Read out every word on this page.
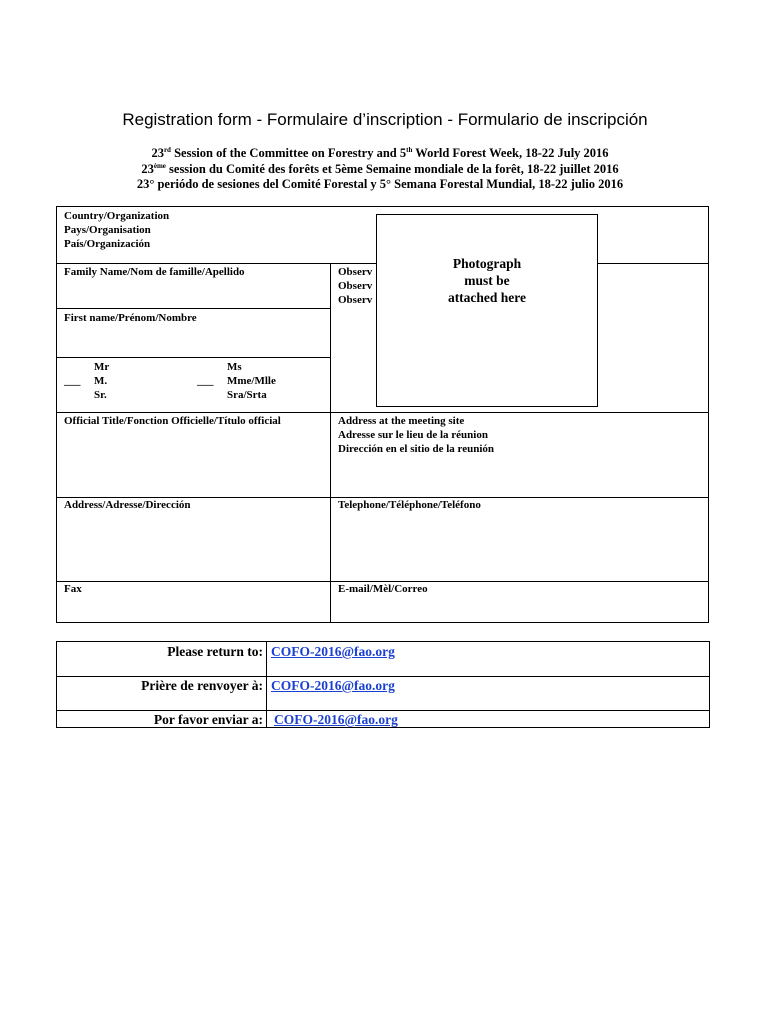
Registration form - Formulaire d’inscription - Formulario de inscripción
23rd Session of the Committee on Forestry and 5th World Forest Week, 18-22 July 2016
23ème session du Comité des forêts et 5ème Semaine mondiale de la forêt, 18-22 juillet 2016
23° periódo de sesiones del Comité Forestal y 5° Semana Forestal Mundial, 18-22 julio 2016
Country/Organization
Pays/Organisation
País/Organización
Family Name/Nom de famille/Apellido	Observ
Observ
Observ
First name/Prénom/Nombre
___
Mr
M.
Sr.
___
Ms
Mme/Mlle
Sra/Srta
Official Title/Fonction Officielle/Título official	Address at the meeting site
Adresse sur le lieu de la réunion
Dirección en el sitio de la reunión
Address/Adresse/Dirección	Telephone/Téléphone/Teléfono
Fax	E-mail/Mèl/Correo
Photograph
must be
attached here
Please return to: COFO-2016@fao.org
Prière de renvoyer à: COFO-2016@fao.org
Por favor enviar a: COFO-2016@fao.org
